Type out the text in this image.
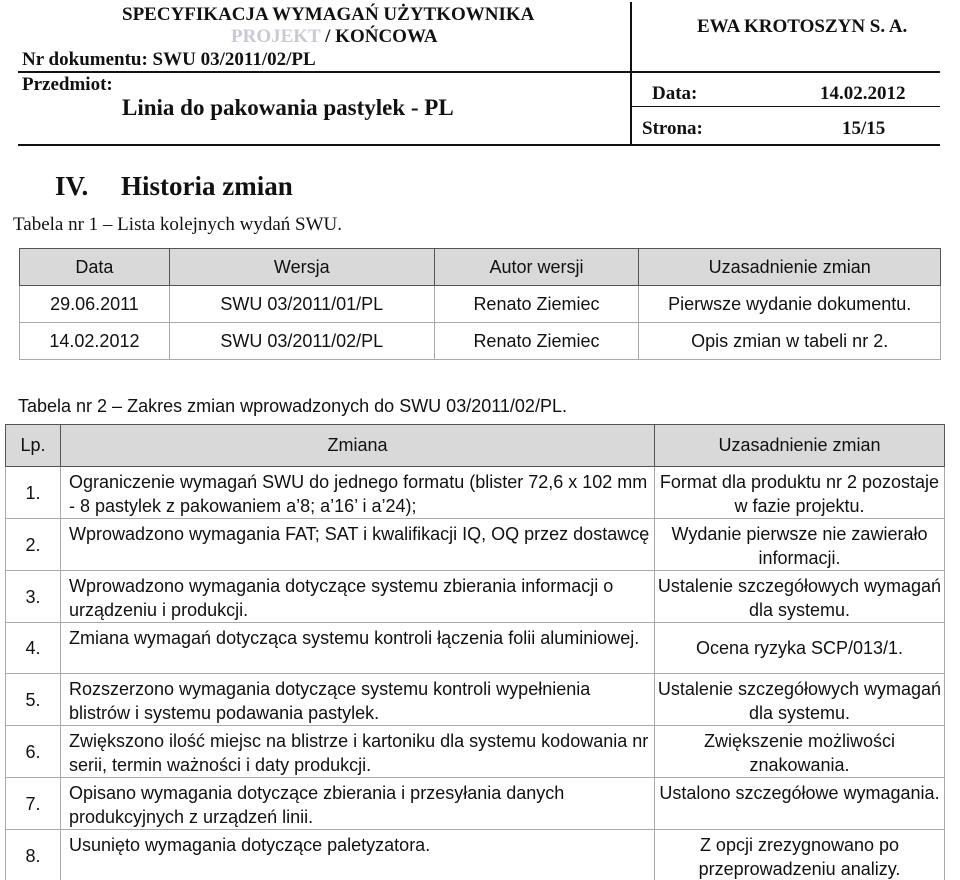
SPECYFIKACJA WYMAGAŃ UŻYTKOWNIKA
PROJEKT / KOŃCOWA	EWA KROTOSZYN S. A.
Nr dokumentu: SWU 03/2011/02/PL
Przedmiot:
Linia do pakowania pastylek - PL
Data:	14.02.2012
Strona:	15/15
IV. Historia zmian
Tabela nr 1 – Lista kolejnych wydań SWU.
Data	Wersja	Autor wersji	Uzasadnienie zmian
29.06.2011	SWU 03/2011/01/PL	Renato Ziemiec	Pierwsze wydanie dokumentu.
14.02.2012	SWU 03/2011/02/PL	Renato Ziemiec	Opis zmian w tabeli nr 2.
Tabela nr 2 – Zakres zmian wprowadzonych do SWU 03/2011/02/PL.
Lp.	Zmiana	Uzasadnienie zmian
1.	Ograniczenie wymagań SWU do jednego formatu (blister 72,6 x 102 mm - 8 pastylek z pakowaniem a’8; a’16’ i a’24);	Format dla produktu nr 2 pozostaje w fazie projektu.
2.	Wprowadzono wymagania FAT; SAT i kwalifikacji IQ, OQ przez dostawcę	Wydanie pierwsze nie zawierało informacji.
3.	Wprowadzono wymagania dotyczące systemu zbierania informacji o urządzeniu i produkcji.	Ustalenie szczegółowych wymagań dla systemu.
4.	Zmiana wymagań dotycząca systemu kontroli łączenia folii aluminiowej.	Ocena ryzyka SCP/013/1.
5.	Rozszerzono wymagania dotyczące systemu kontroli wypełnienia blistrów i systemu podawania pastylek.	Ustalenie szczegółowych wymagań dla systemu.
6.	Zwiększono ilość miejsc na blistrze i kartoniku dla systemu kodowania nr serii, termin ważności i daty produkcji.	Zwiększenie możliwości znakowania.
7.	Opisano wymagania dotyczące zbierania i przesyłania danych produkcyjnych z urządzeń linii.	Ustalono szczegółowe wymagania.
8.	Usunięto wymagania dotyczące paletyzatora.	Z opcji zrezygnowano po przeprowadzeniu analizy.
